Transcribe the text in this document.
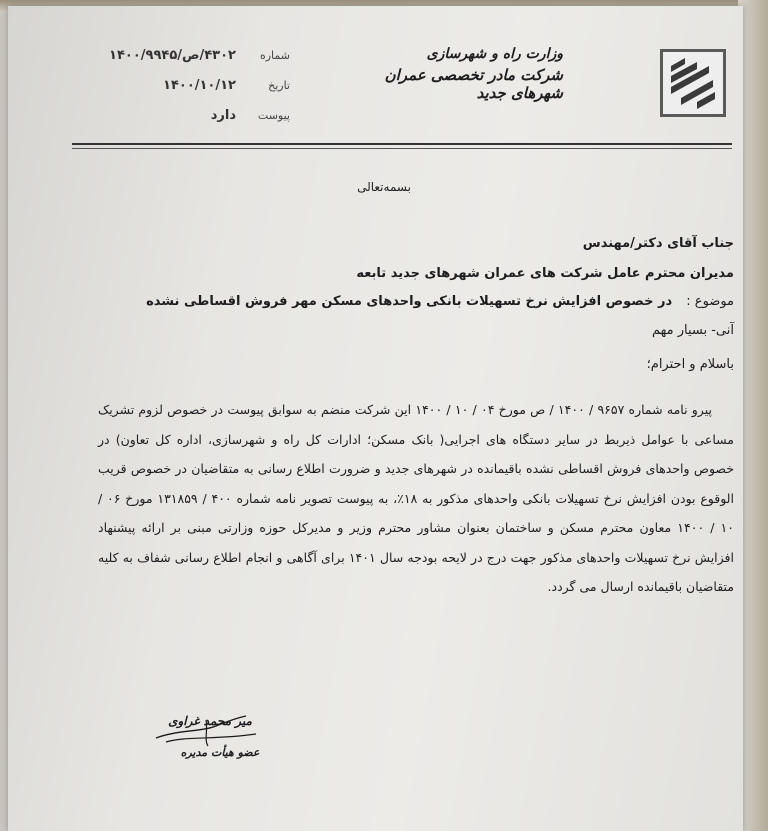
وزارت راه و شهرسازی
شرکت مادر تخصصی عمران شهرهای جدید
۴۳۰۲/ص/۱۴۰۰/۹۹۴۵	شماره
۱۴۰۰/۱۰/۱۲	تاریخ
دارد	پیوست
بسمه‌تعالی
جناب آقای دکتر/مهندس
مدیران محترم عامل شرکت های عمران شهرهای جدید تابعه
موضوع : در خصوص افزایش نرخ تسهیلات بانکی واحدهای مسکن مهر فروش اقساطی نشده
آنی- بسیار مهم
باسلام و احترام؛
پیرو نامه شماره ۹۶۵۷ / ۱۴۰۰ / ص مورخ ۰۴ / ۱۰ / ۱۴۰۰ این شرکت منضم به سوابق پیوست در خصوص لزوم تشریک مساعی با عوامل ذیربط در سایر دستگاه های اجرایی( بانک مسکن؛ ادارات کل راه و شهرسازی، اداره کل تعاون) در خصوص واحدهای فروش اقساطی نشده باقیمانده در شهرهای جدید و ضرورت اطلاع رسانی به متقاضیان در خصوص قریب الوقوع بودن افزایش نرخ تسهیلات بانکی واحدهای مذکور به ۱۸٪، به پیوست تصویر نامه شماره ۴۰۰ / ۱۳۱۸۵۹ مورخ ۰۶ / ۱۰ / ۱۴۰۰ معاون محترم مسکن و ساختمان بعنوان مشاور محترم وزیر و مدیرکل حوزه وزارتی مبنی بر ارائه پیشنهاد افزایش نرخ تسهیلات واحدهای مذکور جهت درج در لایحه بودجه سال ۱۴۰۱ برای آگاهی و انجام اطلاع رسانی شفاف به کلیه متقاضیان باقیمانده ارسال می گردد.
میر محمد غراوی
عضو هیأت مدیره
